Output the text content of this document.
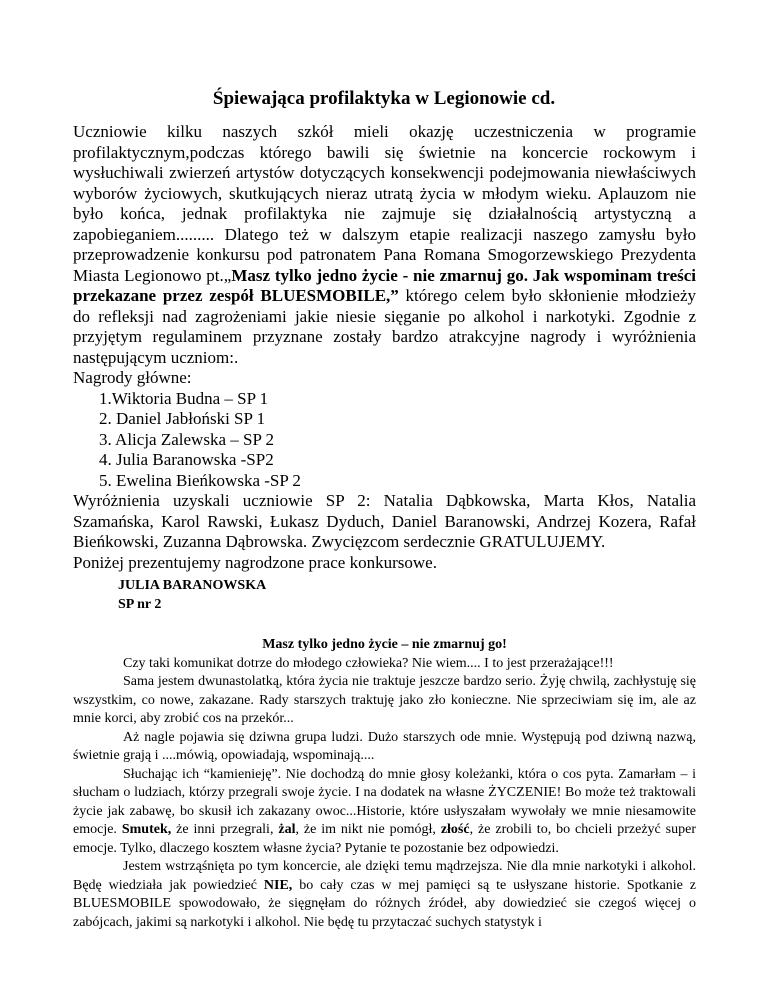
Śpiewająca profilaktyka w Legionowie cd.

Uczniowie kilku naszych szkół mieli okazję uczestniczenia w programie profilaktycznym,podczas którego bawili się świetnie na koncercie rockowym i wysłuchiwali zwierzeń artystów dotyczących konsekwencji podejmowania niewłaściwych wyborów życiowych, skutkujących nieraz utratą życia w młodym wieku. Aplauzom nie było końca, jednak profilaktyka nie zajmuje się działalnością artystyczną a zapobieganiem......... Dlatego też w dalszym etapie realizacji naszego zamysłu było przeprowadzenie konkursu pod patronatem Pana Romana Smogorzewskiego Prezydenta Miasta Legionowo pt.„Masz tylko jedno życie - nie zmarnuj go. Jak wspominam treści przekazane przez zespół BLUESMOBILE,” którego celem było skłonienie młodzieży do refleksji nad zagrożeniami jakie niesie sięganie po alkohol i narkotyki. Zgodnie z przyjętym regulaminem przyznane zostały bardzo atrakcyjne nagrody i wyróżnienia następującym uczniom:.

Nagrody główne:
1.Wiktoria Budna – SP 1
2. Daniel Jabłoński SP 1
3. Alicja Zalewska – SP 2
4. Julia Baranowska -SP2
5. Ewelina Bieńkowska -SP 2

Wyróżnienia uzyskali uczniowie SP 2: Natalia Dąbkowska, Marta Kłos, Natalia Szamańska, Karol Rawski, Łukasz Dyduch, Daniel Baranowski, Andrzej Kozera, Rafał Bieńkowski, Zuzanna Dąbrowska. Zwycięzcom serdecznie GRATULUJEMY.

Poniżej prezentujemy nagrodzone prace konkursowe.
JULIA BARANOWSKA
SP nr 2

Masz tylko jedno życie – nie zmarnuj go!

Czy taki komunikat dotrze do młodego człowieka? Nie wiem.... I to jest przerażające!!!

Sama jestem dwunastolatką, która życia nie traktuje jeszcze bardzo serio. Żyję chwilą, zachłystuję się wszystkim, co nowe, zakazane. Rady starszych traktuję jako zło konieczne. Nie sprzeciwiam się im, ale az mnie korci, aby zrobić cos na przekór...

Aż nagle pojawia się dziwna grupa ludzi. Dużo starszych ode mnie. Występują pod dziwną nazwą, świetnie grają i ....mówią, opowiadają, wspominają....

Słuchając ich “kamienieję”. Nie dochodzą do mnie głosy koleżanki, która o cos pyta. Zamarłam – i słucham o ludziach, którzy przegrali swoje życie. I na dodatek na własne ŻYCZENIE! Bo może też traktowali życie jak zabawę, bo skusił ich zakazany owoc...Historie, które usłyszałam wywołały we mnie niesamowite emocje. Smutek, że inni przegrali, żal, że im nikt nie pomógł, złość, że zrobili to, bo chcieli przeżyć super emocje. Tylko, dlaczego kosztem własne życia? Pytanie te pozostanie bez odpowiedzi.

Jestem wstrząśnięta po tym koncercie, ale dzięki temu mądrzejsza. Nie dla mnie narkotyki i alkohol. Będę wiedziała jak powiedzieć NIE, bo cały czas w mej pamięci są te usłyszane historie. Spotkanie z BLUESMOBILE spowodowało, że sięgnęłam do różnych źródeł, aby dowiedzieć sie czegoś więcej o zabójcach, jakimi są narkotyki i alkohol. Nie będę tu przytaczać suchych statystyk i
